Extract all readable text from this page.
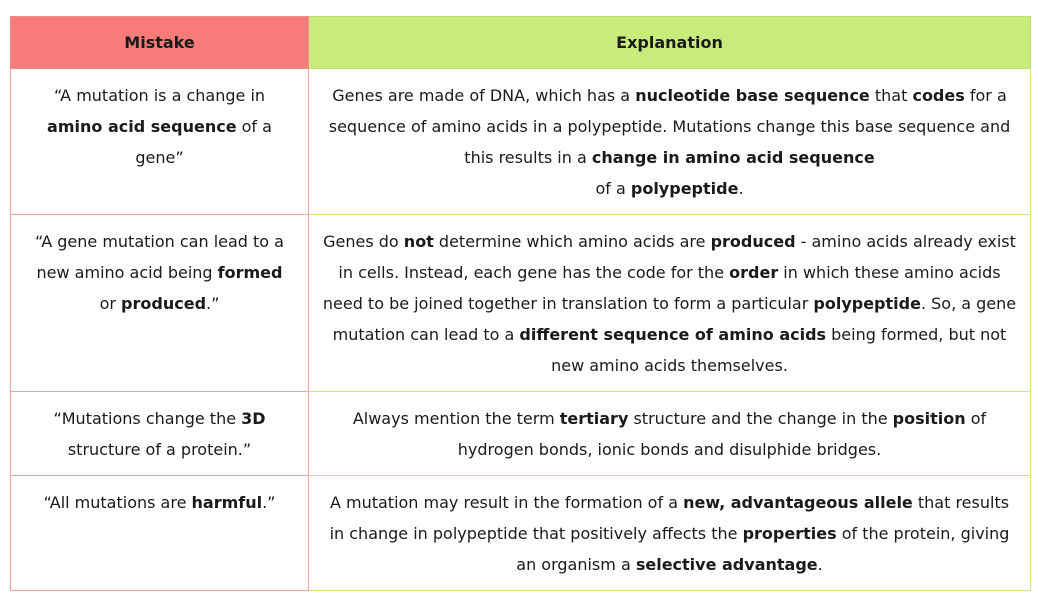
Mistake	Explanation
“A mutation is a change in amino acid sequence of a gene”	Genes are made of DNA, which has a nucleotide base sequence that codes for a sequence of amino acids in a polypeptide. Mutations change this base sequence and this results in a change in amino acid sequence
of a polypeptide.
“A gene mutation can lead to a new amino acid being formed or produced.”	Genes do not determine which amino acids are produced - amino acids already exist in cells. Instead, each gene has the code for the order in which these amino acids need to be joined together in translation to form a particular polypeptide. So, a gene mutation can lead to a different sequence of amino acids being formed, but not new amino acids themselves.
“Mutations change the 3D structure of a protein.”	Always mention the term tertiary structure and the change in the position of hydrogen bonds, ionic bonds and disulphide bridges.
“All mutations are harmful.”	A mutation may result in the formation of a new, advantageous allele that results in change in polypeptide that positively affects the properties of the protein, giving an organism a selective advantage.
